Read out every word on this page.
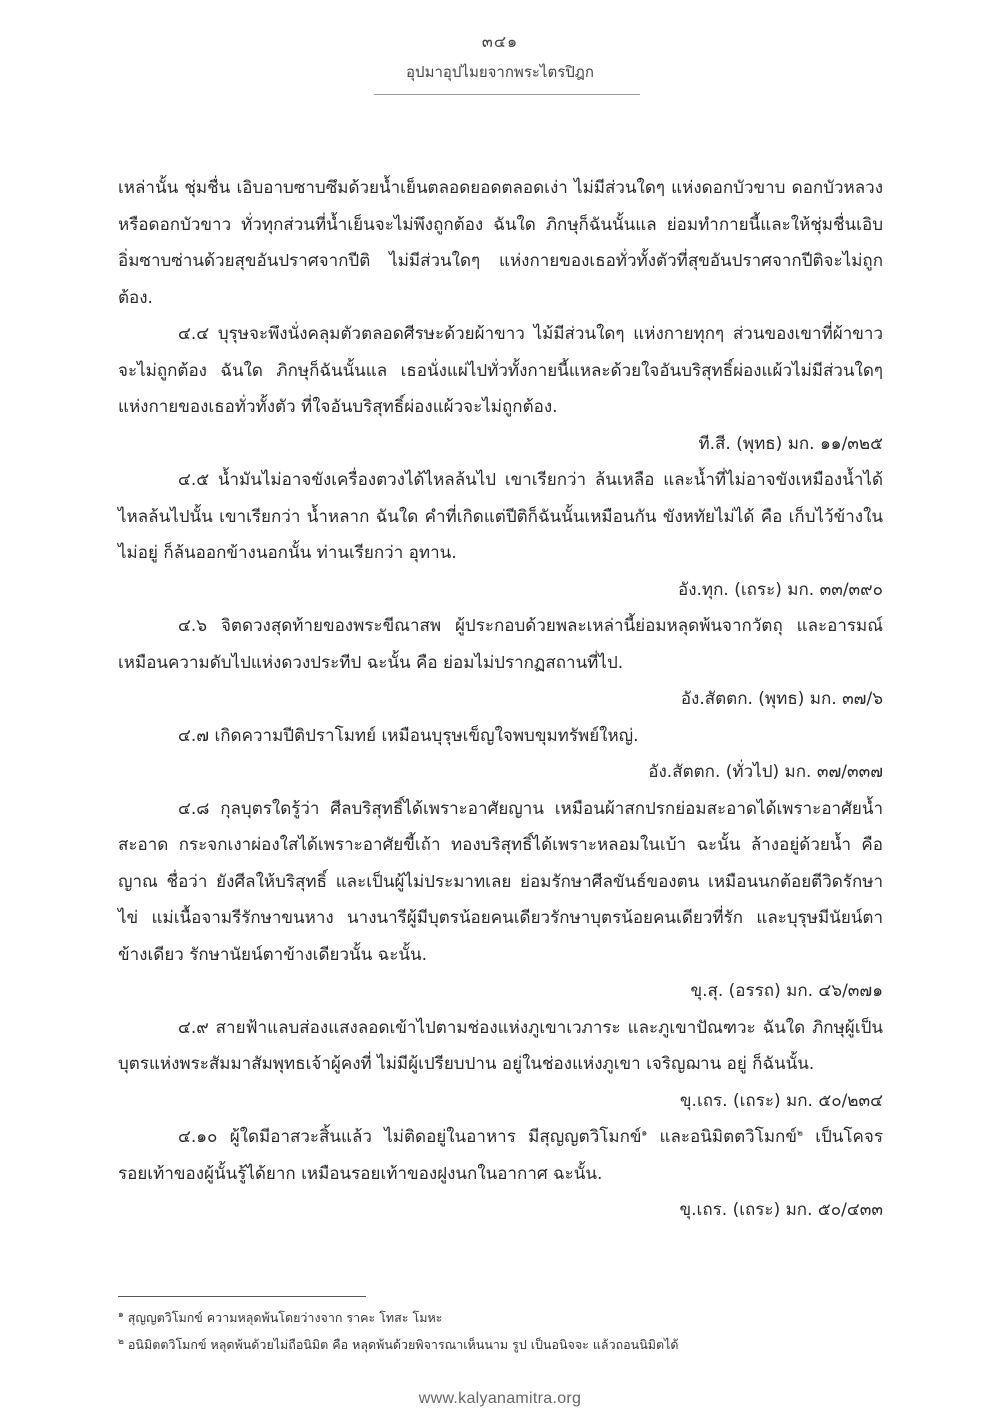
๓๔๑
อุปมาอุปไมยจากพระไตรปิฎก

เหล่านั้น ชุ่มชื่น เอิบอาบซาบซึมด้วยน้ำเย็นตลอดยอดตลอดเง่า ไม่มีส่วนใดๆ แห่งดอกบัวขาบ ดอกบัวหลวง หรือดอกบัวขาว ทั่วทุกส่วนที่น้ำเย็นจะไม่พึงถูกต้อง ฉันใด ภิกษุก็ฉันนั้นแล ย่อมทำกายนี้และให้ชุ่มชื่นเอิบอิ่มซาบซ่านด้วยสุขอันปราศจากปีติ ไม่มีส่วนใดๆ แห่งกายของเธอทั่วทั้งตัวที่สุขอันปราศจากปีติจะไม่ถูกต้อง.

๔.๔ บุรุษจะพึงนั่งคลุมตัวตลอดศีรษะด้วยผ้าขาว ไม้มีส่วนใดๆ แห่งกายทุกๆ ส่วนของเขาที่ผ้าขาว จะไม่ถูกต้อง ฉันใด ภิกษุก็ฉันนั้นแล เธอนั่งแผ่ไปทั่วทั้งกายนี้แหละด้วยใจอันบริสุทธิ์ผ่องแผ้วไม่มีส่วนใดๆ แห่งกายของเธอทั่วทั้งตัว ที่ใจอันบริสุทธิ์ผ่องแผ้วจะไม่ถูกต้อง.

ที.สี. (พุทธ) มก. ๑๑/๓๒๕

๔.๕ น้ำมันไม่อาจขังเครื่องตวงได้ไหลล้นไป เขาเรียกว่า ล้นเหลือ และน้ำที่ไม่อาจขังเหมืองน้ำได้ไหลล้นไปนั้น เขาเรียกว่า น้ำหลาก ฉันใด คำที่เกิดแต่ปีติก็ฉันนั้นเหมือนกัน ขังหทัยไม่ได้ คือ เก็บไว้ข้างในไม่อยู่ ก็ล้นออกข้างนอกนั้น ท่านเรียกว่า อุทาน.

อัง.ทุก. (เถระ) มก. ๓๓/๓๙๐

๔.๖ จิตดวงสุดท้ายของพระขีณาสพ ผู้ประกอบด้วยพละเหล่านี้ย่อมหลุดพ้นจากวัตถุ และอารมณ์ เหมือนความดับไปแห่งดวงประทีป ฉะนั้น คือ ย่อมไม่ปรากฏสถานที่ไป.

อัง.สัตตก. (พุทธ) มก. ๓๗/๖

๔.๗ เกิดความปีติปราโมทย์ เหมือนบุรุษเข็ญใจพบขุมทรัพย์ใหญ่.

อัง.สัตตก. (ทั่วไป) มก. ๓๗/๓๓๗

๔.๘ กุลบุตรใดรู้ว่า ศีลบริสุทธิ์ได้เพราะอาศัยญาน เหมือนผ้าสกปรกย่อมสะอาดได้เพราะอาศัยน้ำสะอาด กระจกเงาผ่องใสได้เพราะอาศัยขี้เถ้า ทองบริสุทธิ์ได้เพราะหลอมในเบ้า ฉะนั้น ล้างอยู่ด้วยน้ำ คือ ญาณ ชื่อว่า ยังศีลให้บริสุทธิ์ และเป็นผู้ไม่ประมาทเลย ย่อมรักษาศีลขันธ์ของตน เหมือนนกต้อยตีวิดรักษาไข่ แม่เนื้อจามรีรักษาขนหาง นางนารีผู้มีบุตรน้อยคนเดียวรักษาบุตรน้อยคนเดียวที่รัก และบุรุษมีนัยน์ตาข้างเดียว รักษานัยน์ตาข้างเดียวนั้น ฉะนั้น.

ขุ.สุ. (อรรถ) มก. ๔๖/๓๗๑

๔.๙ สายฟ้าแลบส่องแสงลอดเข้าไปตามช่องแห่งภูเขาเวภาระ และภูเขาปัณฑวะ ฉันใด ภิกษุผู้เป็นบุตรแห่งพระสัมมาสัมพุทธเจ้าผู้คงที่ ไม่มีผู้เปรียบปาน อยู่ในช่องแห่งภูเขา เจริญฌาน อยู่ ก็ฉันนั้น.

ขุ.เถร. (เถระ) มก. ๕๐/๒๓๔

๔.๑๐ ผู้ใดมีอาสวะสิ้นแล้ว ไม่ติดอยู่ในอาหาร มีสุญญตวิโมกข์$^๑$ และอนิมิตตวิโมกข์$^๒$ เป็นโคจร รอยเท้าของผู้นั้นรู้ได้ยาก เหมือนรอยเท้าของฝูงนกในอากาศ ฉะนั้น.

ขุ.เถร. (เถระ) มก. ๕๐/๔๓๓

$^๑$ สุญญตวิโมกข์ ความหลุดพ้นโดยว่างจาก ราคะ โทสะ โมหะ

$^๒$ อนิมิตตวิโมกข์ หลุดพ้นด้วยไม่ถือนิมิต คือ หลุดพ้นด้วยพิจารณาเห็นนาม รูป เป็นอนิจจะ แล้วถอนนิมิตได้

www.kalyanamitra.org
